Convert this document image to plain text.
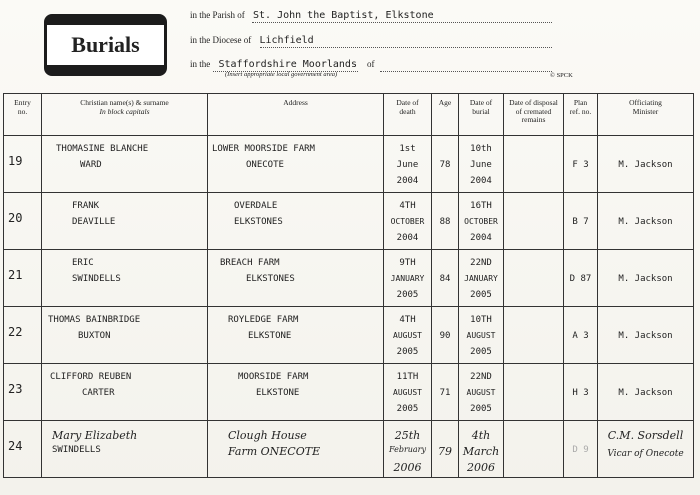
Burials
in the Parish of St. John the Baptist, Elkstone
in the Diocese of Lichfield
in the Staffordshire Moorlands of
(Insert appropriate local government area)	© SPCK
Entry
no.	Christian name(s) & surname
In block capitals	Address	Date of
death	Age	Date of
burial	Date of disposal
of cremated remains	Plan
ref. no.	Officiating
Minister

19	THOMASINE BLANCHE
WARD	LOWER MOORSIDE FARM
ONECOTE	1st
June
2004	78	10th
June
2004		F 3	M. Jackson

20	FRANK
DEAVILLE	OVERDALE
ELKSTONES	4TH
OCTOBER
2004	88	16TH
OCTOBER
2004		B 7	M. Jackson

21	ERIC
SWINDELLS	BREACH FARM
ELKSTONES	9TH
JANUARY
2005	84	22ND
JANUARY
2005		D 87	M. Jackson

22	THOMAS BAINBRIDGE
BUXTON	ROYLEDGE FARM
ELKSTONE	4TH
AUGUST
2005	90	10TH
AUGUST
2005		A 3	M. Jackson

23	CLIFFORD REUBEN
CARTER	MOORSIDE FARM
ELKSTONE	11TH
AUGUST
2005	71	22ND
AUGUST
2005		H 3	M. Jackson

24	Mary Elizabeth
SWINDELLS	Clough House
Farm ONECOTE	25th
February
2006	79	4th
March
2006		D 9	C.M. Sorsdell
Vicar of Onecote
